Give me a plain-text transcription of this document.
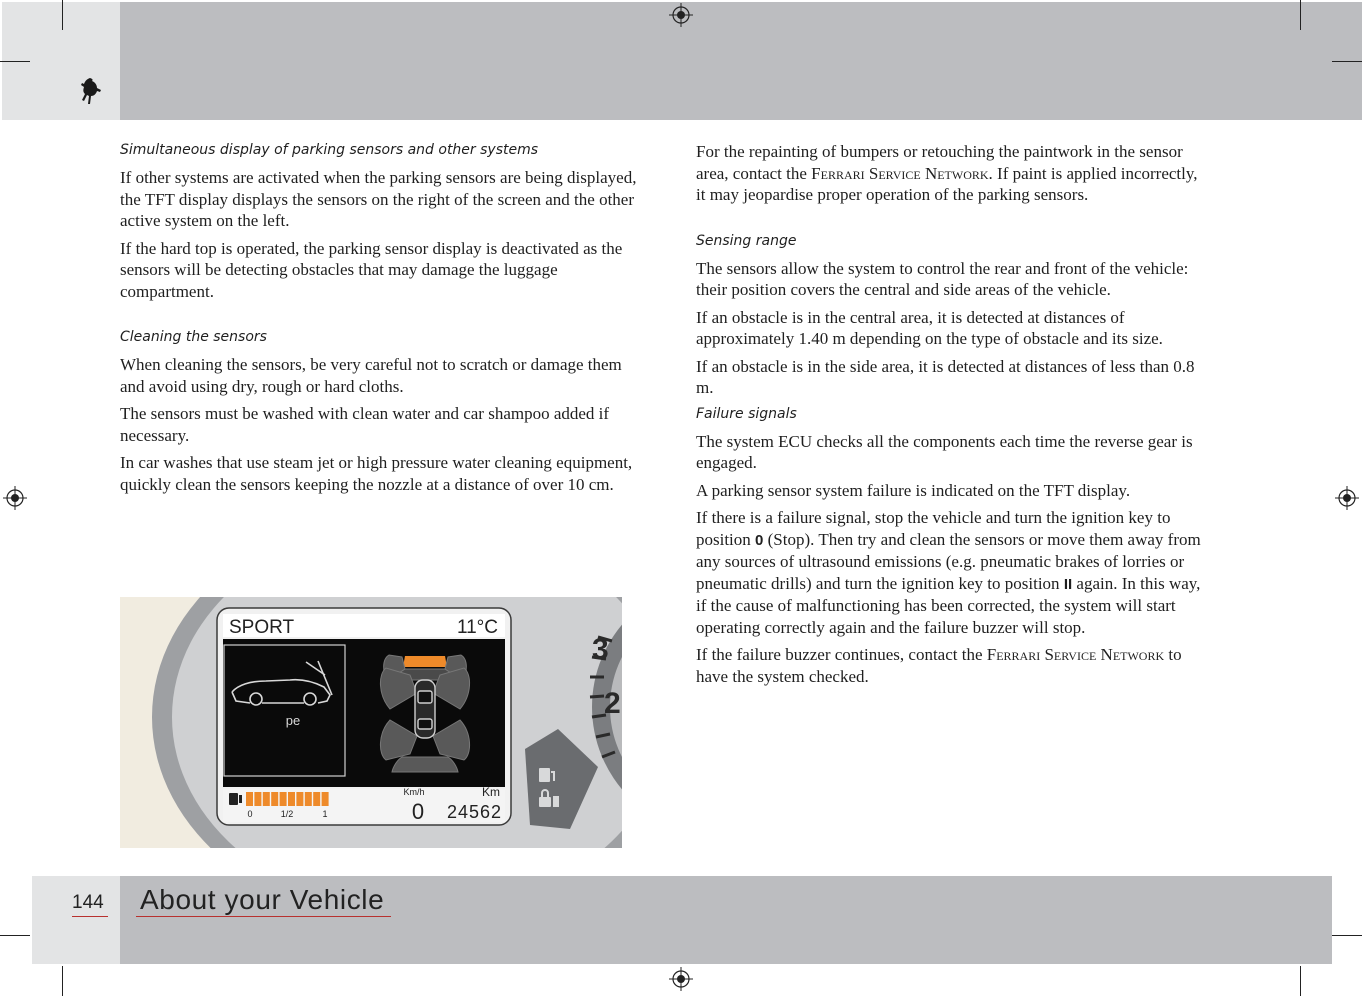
Simultaneous display of parking sensors and other systems

If other systems are activated when the parking sensors are being displayed, the TFT display displays the sensors on the right of the screen and the other active system on the left.

If the hard top is operated, the parking sensor display is deactivated as the sensors will be detecting obstacles that may damage the luggage compartment.

Cleaning the sensors

When cleaning the sensors, be very careful not to scratch or damage them and avoid using dry, rough or hard cloths.

The sensors must be washed with clean water and car shampoo added if necessary.

In car washes that use steam jet or high pressure water cleaning equipment, quickly clean the sensors keeping the nozzle at a distance of over 10 cm.

For the repainting of bumpers or retouching the paintwork in the sensor area, contact the Ferrari Service Network. If paint is applied incorrectly, it may jeopardise proper operation of the parking sensors.

Sensing range

The sensors allow the system to control the rear and front of the vehicle: their position covers the central and side areas of the vehicle.

If an obstacle is in the central area, it is detected at distances of approximately 1.40 m depending on the type of obstacle and its size.

If an obstacle is in the side area, it is detected at distances of less than 0.8 m.

Failure signals

The system ECU checks all the components each time the reverse gear is engaged.

A parking sensor system failure is indicated on the TFT display.

If there is a failure signal, stop the vehicle and turn the ignition key to position 0 (Stop). Then try and clean the sensors or move them away from any sources of ultrasound emissions (e.g. pneumatic brakes of lorries or pneumatic drills) and turn the ignition key to position II again. In this way, if the cause of malfunctioning has been corrected, the system will start operating correctly again and the failure buzzer will stop.

If the failure buzzer continues, contact the Ferrari Service Network to have the system checked.

3
2
SPORT	11°C
pe
0	1/2	1
Km/h
0
Km
24562
144 About your Vehicle
